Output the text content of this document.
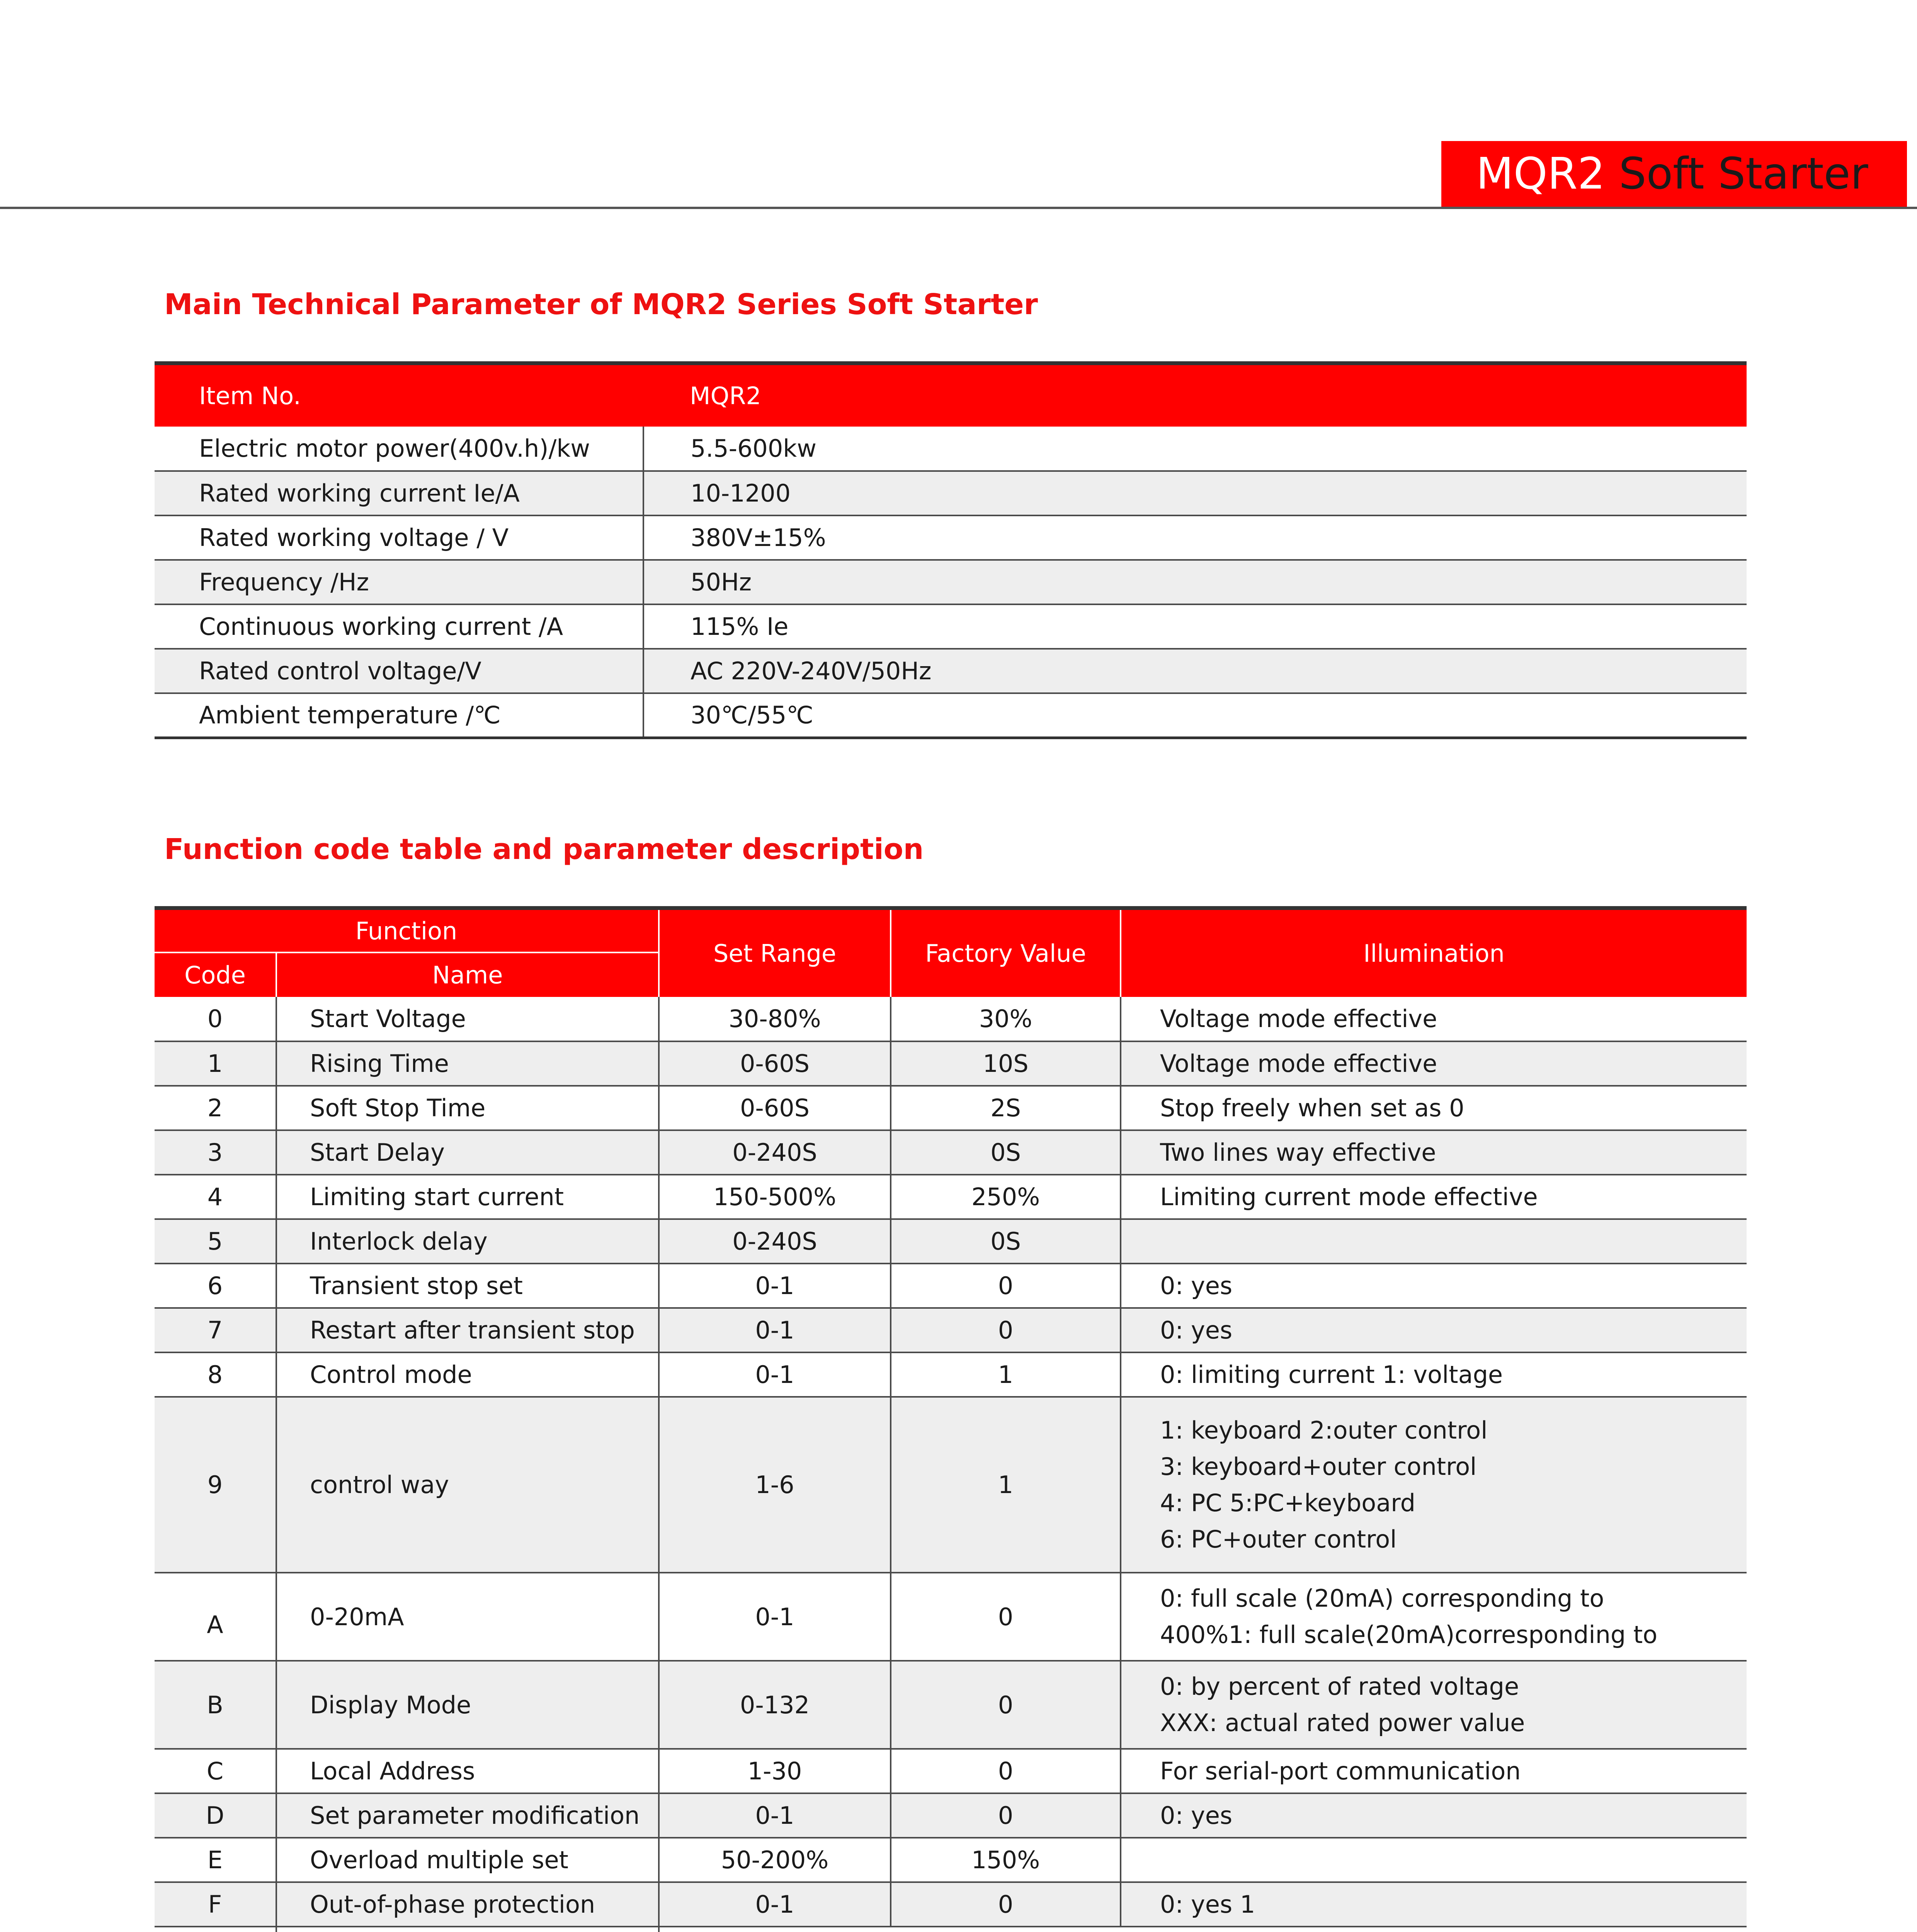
MQR2 Soft Starter
Main Technical Parameter of MQR2 Series Soft Starter
Item No.	MQR2
Electric motor power(400v.h)/kw	5.5-600kw
Rated working current Ie/A	10-1200
Rated working voltage / V	380V±15%
Frequency /Hz	50Hz
Continuous working current /A	115% Ie
Rated control voltage/V	AC 220V-240V/50Hz
Ambient temperature /℃	30℃/55℃
Function code table and parameter description
Function		Set Range	Factory Value	Illumination
Code	Name			
0	Start Voltage	30-80%	30%	Voltage mode effective

1	Rising Time	0-60S	10S	Voltage mode effective

2	Soft Stop Time	0-60S	2S	Stop freely when set as 0

3	Start Delay	0-240S	0S	Two lines way effective

4	Limiting start current	150-500%	250%	Limiting current mode effective

5	Interlock delay	0-240S	0S	

6	Transient stop set	0-1	0	0: yes

7	Restart after transient stop	0-1	0	0: yes

8	Control mode	0-1	1	0: limiting current 1: voltage

9	control way	1-6	1	1: keyboard 2:outer control
3: keyboard+outer control
4: PC 5:PC+keyboard
6: PC+outer control

A	0-20mA	0-1	0	0: full scale (20mA) corresponding to
400%1: full scale(20mA)corresponding to

B	Display Mode	0-132	0	0: by percent of rated voltage
XXX: actual rated power value

C	Local Address	1-30	0	For serial-port communication

D	Set parameter modification	0-1	0	0: yes

E	Overload multiple set	50-200%	150%	

F	Out-of-phase protection	0-1	0	0: yes 1
